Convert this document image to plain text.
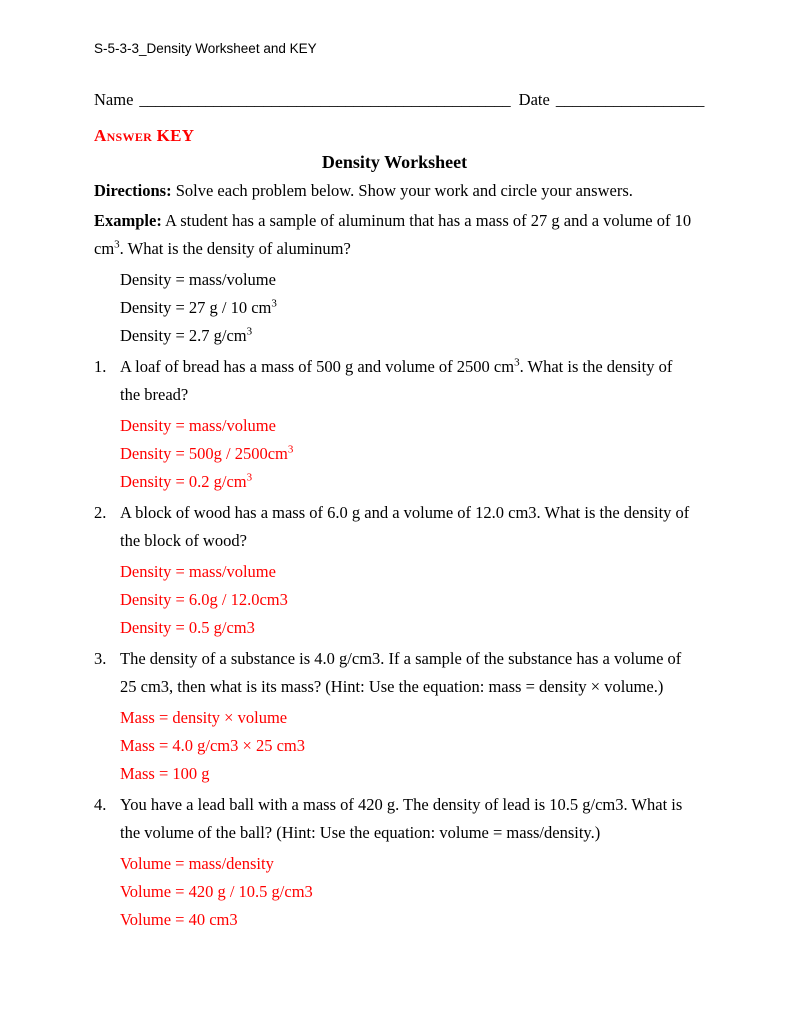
S-5-3-3_Density Worksheet and KEY
Name _____________________________________________ Date __________________
Answer KEY
Density Worksheet

Directions: Solve each problem below. Show your work and circle your answers.

Example: A student has a sample of aluminum that has a mass of 27 g and a volume of 10 $cm^3$. What is the density of aluminum?

Density = mass/volume
Density = 27 g / 10 $cm^3$
Density = 2.7 $g/cm^3$

1. A loaf of bread has a mass of 500 g and volume of 2500 $cm^3$. What is the density of the bread?

Density = mass/volume
Density = $500g / 2500cm^3$
Density = 0.2 $g/cm^3$

2. A block of wood has a mass of 6.0 g and a volume of 12.0 cm3. What is the density of the block of wood?

Density = mass/volume
Density = 6.0g / 12.0cm3
Density = 0.5 g/cm3

3. The density of a substance is 4.0 g/cm3. If a sample of the substance has a volume of 25 cm3, then what is its mass? (Hint: Use the equation: mass = density × volume.)

Mass = density × volume
Mass = 4.0 g/cm3 × 25 cm3
Mass = 100 g

4. You have a lead ball with a mass of 420 g. The density of lead is 10.5 g/cm3. What is the volume of the ball? (Hint: Use the equation: volume = mass/density.)

Volume = mass/density
Volume = 420 g / 10.5 g/cm3
Volume = 40 cm3
